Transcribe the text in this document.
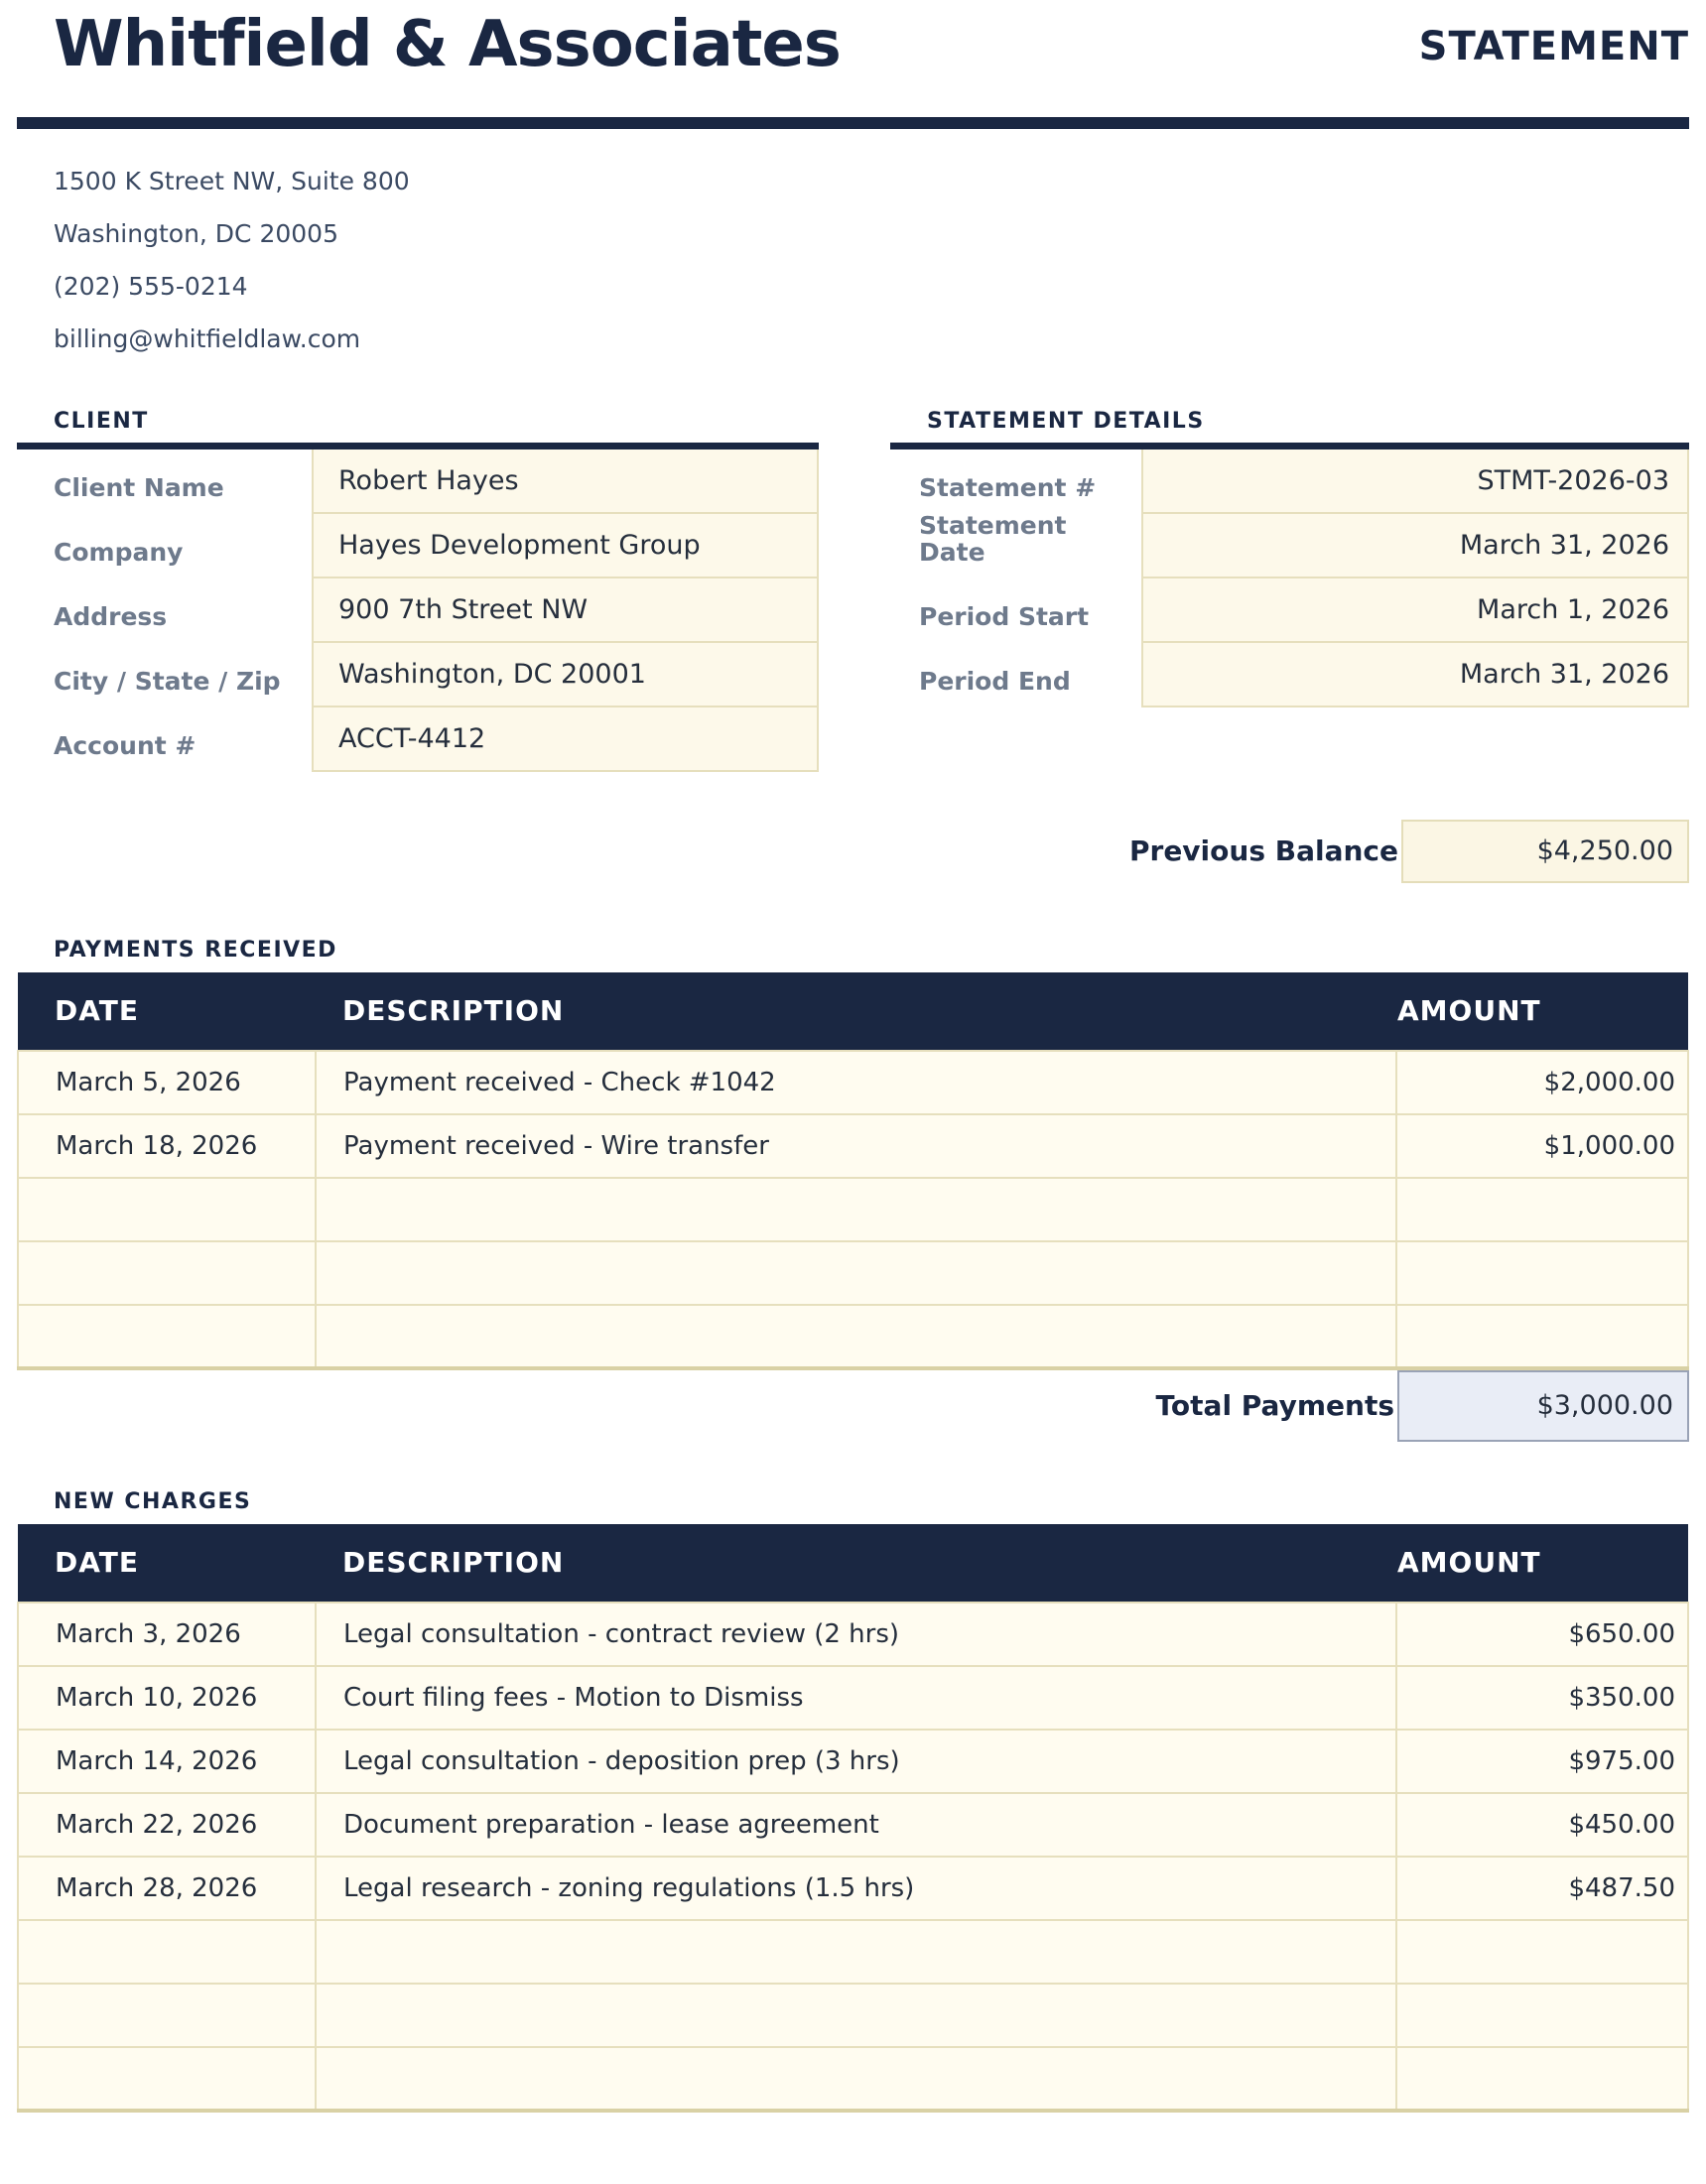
Whitfield & Associates	STATEMENT
1500 K Street NW, Suite 800
Washington, DC 20005
(202) 555-0214
billing@whitfieldlaw.com
CLIENT
Client Name	Robert Hayes
Company	Hayes Development Group
Address	900 7th Street NW
City / State / Zip	Washington, DC 20001
Account #	ACCT-4412
STATEMENT DETAILS
Statement #	STMT-2026-03
Statement Date	March 31, 2026
Period Start	March 1, 2026
Period End	March 31, 2026
Previous Balance	$4,250.00
PAYMENTS RECEIVED
DATE	DESCRIPTION	AMOUNT
March 5, 2026	Payment received - Check #1042	$2,000.00
March 18, 2026	Payment received - Wire transfer	$1,000.00

Total Payments	$3,000.00
NEW CHARGES
DATE	DESCRIPTION	AMOUNT
March 3, 2026	Legal consultation - contract review (2 hrs)	$650.00
March 10, 2026	Court filing fees - Motion to Dismiss	$350.00
March 14, 2026	Legal consultation - deposition prep (3 hrs)	$975.00
March 22, 2026	Document preparation - lease agreement	$450.00
March 28, 2026	Legal research - zoning regulations (1.5 hrs)	$487.50
